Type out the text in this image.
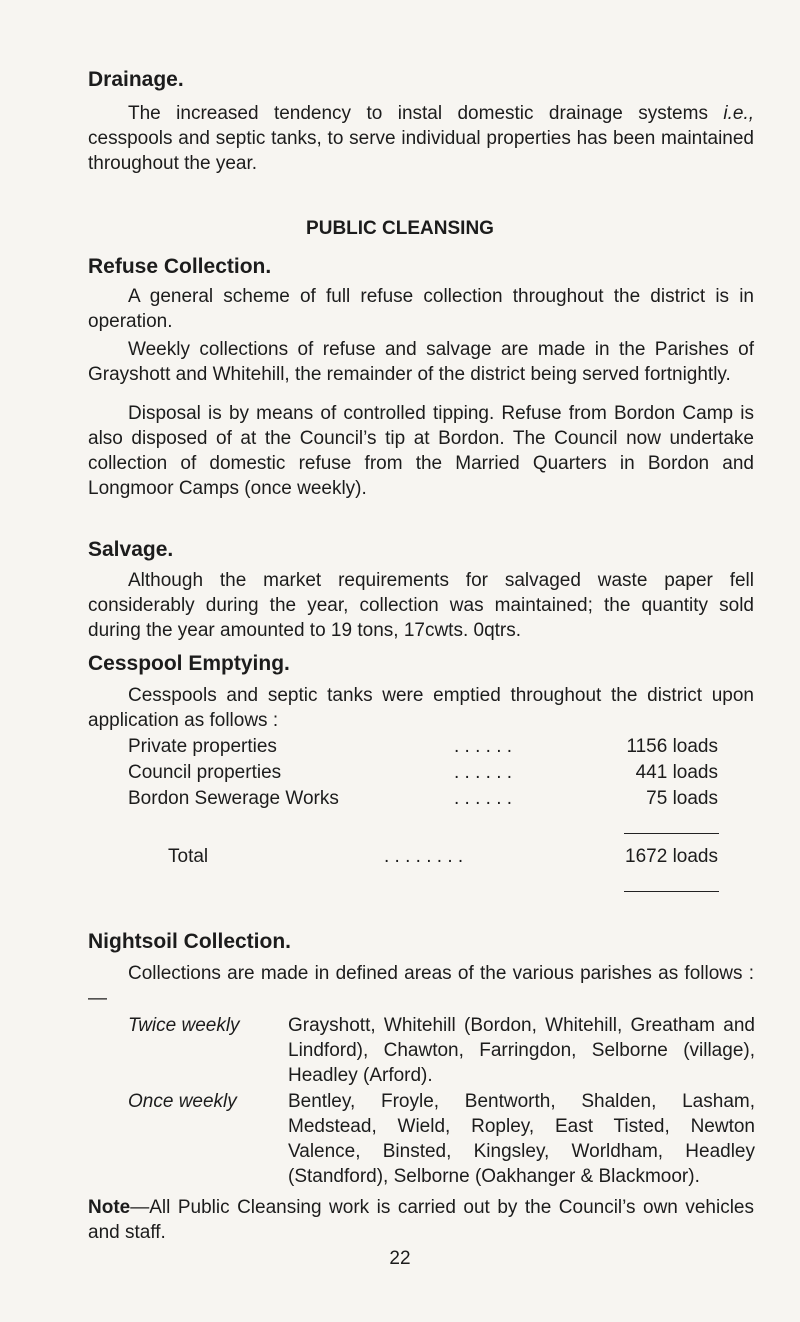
Drainage.

The increased tendency to instal domestic drainage systems i.e., cesspools and septic tanks, to serve individual properties has been maintained throughout the year.

PUBLIC CLEANSING
Refuse Collection.

A general scheme of full refuse collection throughout the district is in operation.

Weekly collections of refuse and salvage are made in the Parishes of Grayshott and Whitehill, the remainder of the district being served fortnightly.

Disposal is by means of controlled tipping. Refuse from Bordon Camp is also disposed of at the Council’s tip at Bordon. The Council now undertake collection of domestic refuse from the Married Quarters in Bordon and Longmoor Camps (once weekly).

Salvage.

Although the market requirements for salvaged waste paper fell considerably during the year, collection was maintained; the quantity sold during the year amounted to 19 tons, 17cwts. 0qtrs.

Cesspool Emptying.

Cesspools and septic tanks were emptied throughout the district upon application as follows :

Private properties	. . . . . .	1156 loads
Council properties	. . . . . .	441 loads
Bordon Sewerage Works	. . . . . .	75 loads
Total	. . . . . . . .	1672 loads
Nightsoil Collection.

Collections are made in defined areas of the various parishes as follows :—

Twice weekly	Grayshott, Whitehill (Bordon, Whitehill, Greatham and Lindford), Chawton, Farringdon, Selborne (village), Headley (Arford).

Once weekly	Bentley, Froyle, Bentworth, Shalden, Lasham, Medstead, Wield, Ropley, East Tisted, Newton Valence, Binsted, Kingsley, Worldham, Headley (Standford), Selborne (Oakhanger & Blackmoor).

Note—All Public Cleansing work is carried out by the Council’s own vehicles and staff.

22
